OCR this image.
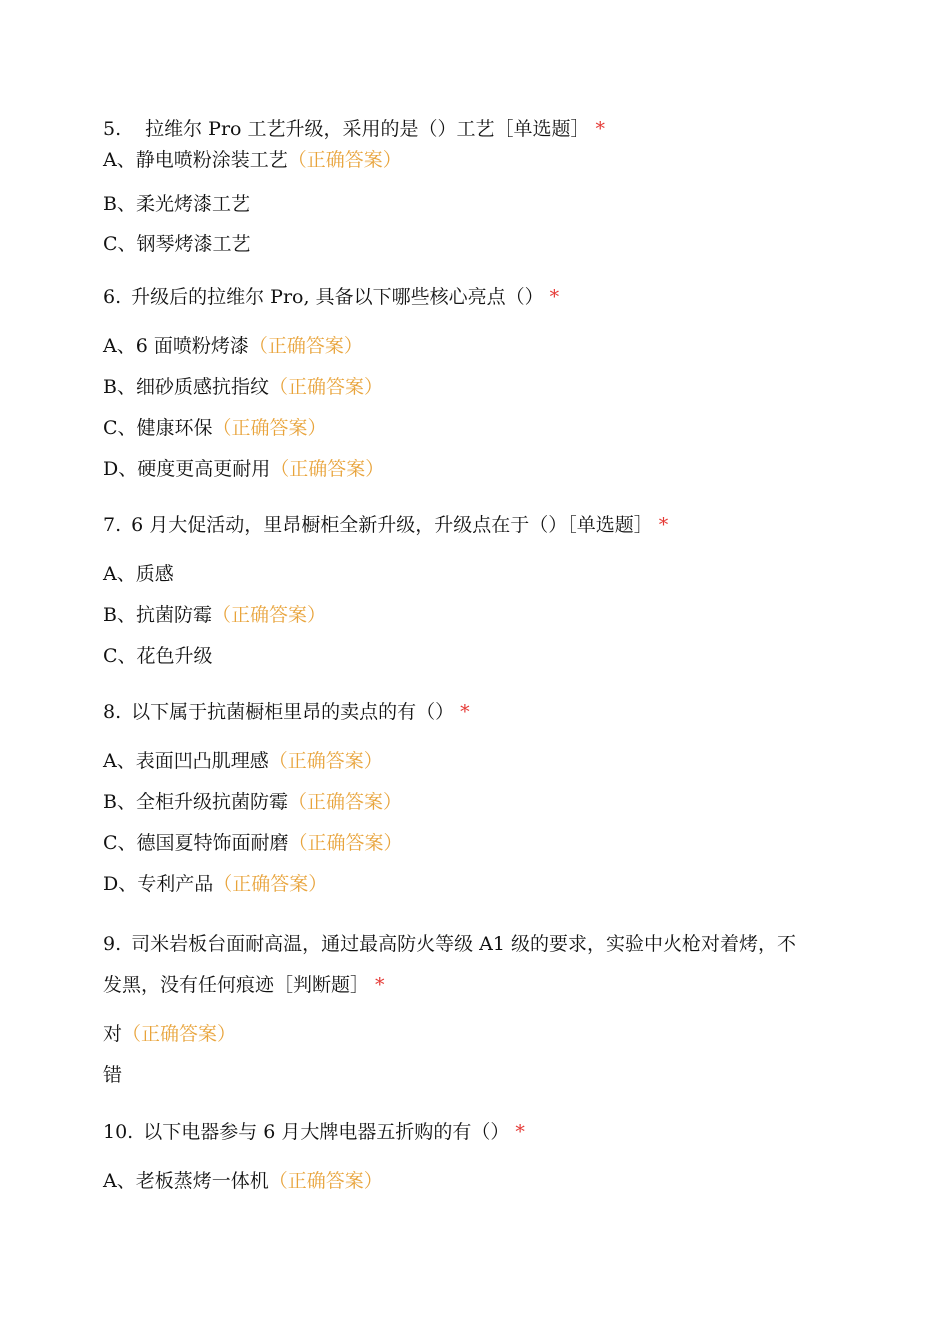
5. 拉维尔 Pro 工艺升级，采用的是（）工艺［单选题］ *
A、静电喷粉涂装工艺（正确答案）
B、柔光烤漆工艺
C、钢琴烤漆工艺
6. 升级后的拉维尔 Pro, 具备以下哪些核心亮点（） *
A、6 面喷粉烤漆（正确答案）
B、细砂质感抗指纹（正确答案）
C、健康环保（正确答案）
D、硬度更高更耐用（正确答案）
7. 6 月大促活动，里昂橱柜全新升级，升级点在于（）［单选题］ *
A、质感
B、抗菌防霉（正确答案）
C、花色升级
8. 以下属于抗菌橱柜里昂的卖点的有（） *
A、表面凹凸肌理感（正确答案）
B、全柜升级抗菌防霉（正确答案）
C、德国夏特饰面耐磨（正确答案）
D、专利产品（正确答案）
9. 司米岩板台面耐高温，通过最高防火等级 A1 级的要求，实验中火枪对着烤，不
发黑，没有任何痕迹［判断题］ *
对（正确答案）
错
10. 以下电器参与 6 月大牌电器五折购的有（） *
A、老板蒸烤一体机（正确答案）
